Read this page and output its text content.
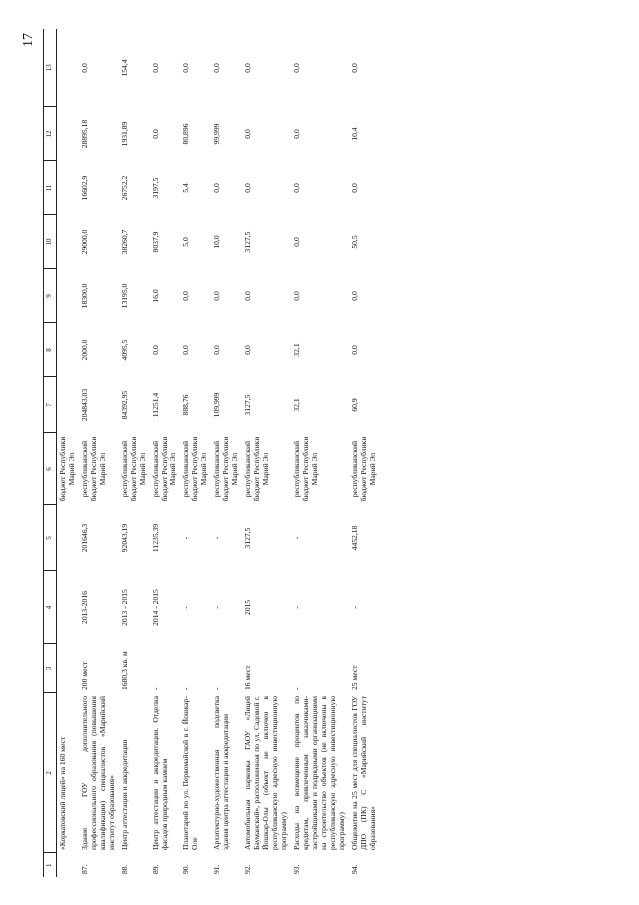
17
1	2	3	4	5	6	7	8	9	10	11	12	13
	«Коркатовский лицей» на 160 мест				бюджет Республики Марий Эл							
87.	Здание ГОУ дополнительного профессионального образования (повышения квалификации) специалистов «Марийский институт образования»	200 мест	2013-2016	201646,3	республиканский бюджет Республики Марий Эл	204843,03	2000,0	18300,0	29000,0	16602,9	28895,18	0,0
88.	Центр аттестации и аккредитации	1680,3 кв. м	2013 - 2015	92043,19	республиканский бюджет Республики Марий Эл	84392,95	4095,5	13195,0	38260,7	26752,2	1931,89	154,4
89.	Центр аттестации и аккредитации. Отделка фасадов природным камнем	-	2014 - 2015	11235,39	республиканский бюджет Республики Марий Эл	11251,4	0,0	16,0	8037,9	3197,5	0,0	0,0
90.	Планетарий по ул. Первомайской в г. Йошкар-Оле	-	-	-	республиканский бюджет Республики Марий Эл	888,76	0,0	0,0	5,0	5,4	80,896	0,0
91.	Архитектурно-художественная подсветка здания центра аттестации и аккредитации	-	-	-	республиканский бюджет Республики Марий Эл	109,999	0,0	0,0	10,0	0,0	99,999	0,0
92.	Автомобильная парковка ГАОУ «Лицей Бауманский», расположенная по ул. Садовой г. Йошкар-Олы (объект не включен в республиканскую адресную инвестиционную программу)	16 мест	2015	3127,5	республиканский бюджет Республики Марий Эл	3127,5	0,0	0,0	3127,5	0,0	0,0	0,0
93.	Расходы на возмещение процентов по кредитам, привлеченным заказчиками-застройщиками и подрядными организациями на строительство объектов (не включены в республиканскую адресную инвестиционную программу)	-	-	-	республиканский бюджет Республики Марий Эл	32,1	32,1	0,0	0,0	0,0	0,0	0,0
94.	Общежитие на 25 мест для специалистов ГОУ ДПО (ПК) С «Марийский институт образования»	25 мест	-	4452,18	республиканский бюджет Республики Марий Эл	60,9	0,0	0,0	50,5	0,0	10,4	0,0
